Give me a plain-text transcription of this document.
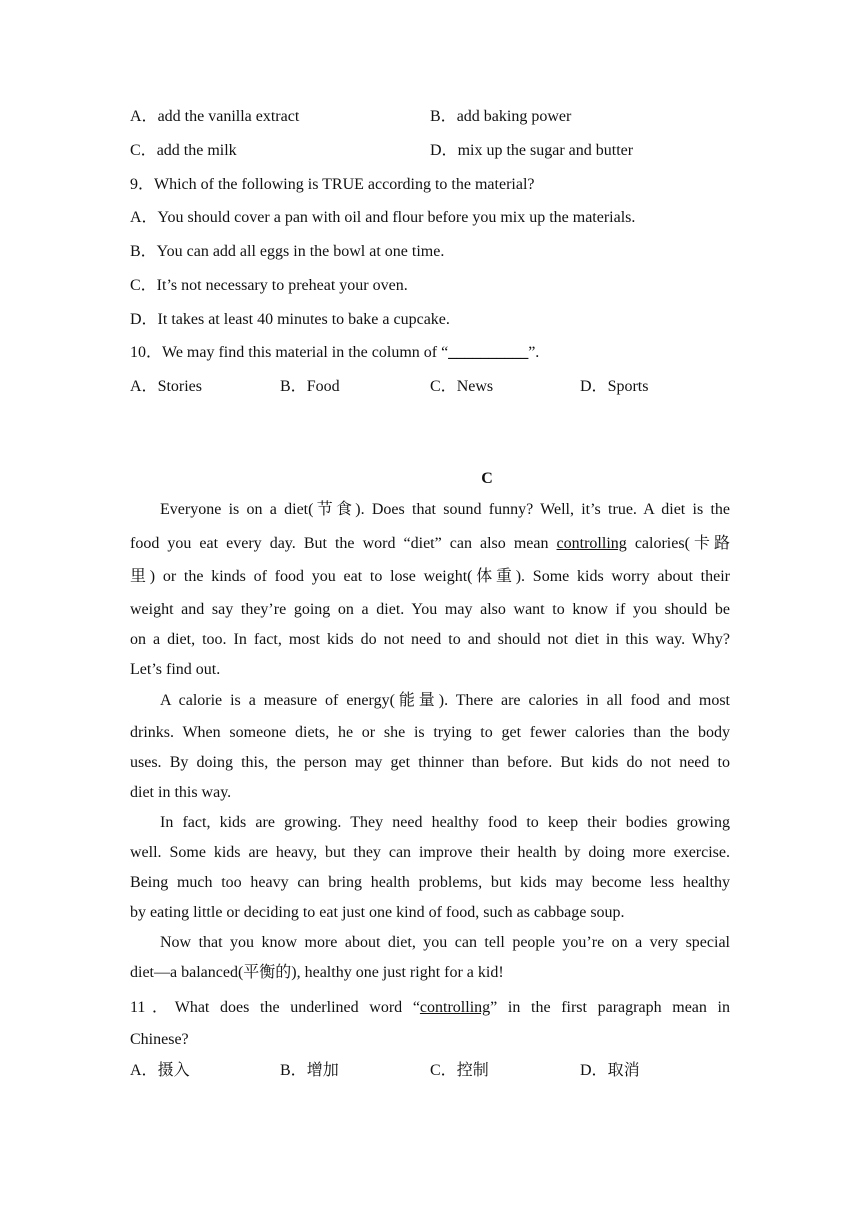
A．add the vanilla extract	B．add baking power
C．add the milk	D．mix up the sugar and butter
9．Which of the following is TRUE according to the material?
A．You should cover a pan with oil and flour before you mix up the materials.
B．You can add all eggs in the bowl at one time.
C．It’s not necessary to preheat your oven.
D．It takes at least 40 minutes to bake a cupcake.
10．We may find this material in the column of “__________”.
A．Stories	B．Food	C．News	D．Sports
C
Everyone is on a diet(节食). Does that sound funny? Well, it’s true. A diet is the
food you eat every day. But the word “diet” can also mean controlling calories(卡路
里) or the kinds of food you eat to lose weight(体重). Some kids worry about their
weight and say they’re going on a diet. You may also want to know if you should be
on a diet, too. In fact, most kids do not need to and should not diet in this way. Why?
Let’s find out.
A calorie is a measure of energy(能量). There are calories in all food and most
drinks. When someone diets, he or she is trying to get fewer calories than the body
uses. By doing this, the person may get thinner than before. But kids do not need to
diet in this way.
In fact, kids are growing. They need healthy food to keep their bodies growing
well. Some kids are heavy, but they can improve their health by doing more exercise.
Being much too heavy can bring health problems, but kids may become less healthy
by eating little or deciding to eat just one kind of food, such as cabbage soup.
Now that you know more about diet, you can tell people you’re on a very special
diet—a balanced(平衡的), healthy one just right for a kid!
11．What does the underlined word “controlling” in the first paragraph mean in
Chinese?
A．摄入	B．增加	C．控制	D．取消
